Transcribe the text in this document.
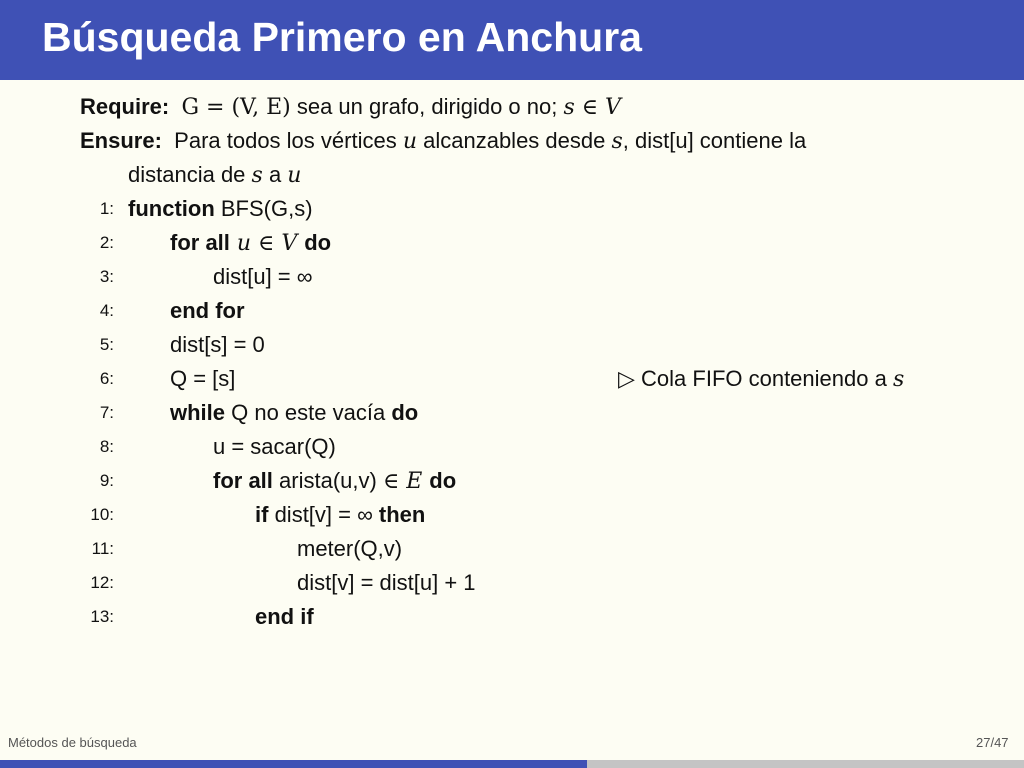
Búsqueda Primero en Anchura
Require: G = (V, E) sea un grafo, dirigido o no; s ∈ V
Ensure: Para todos los vértices u alcanzables desde s, dist[u] contiene la
distancia de s a u
1: function BFS(G,s)
2:	for all u ∈ V do
3:	dist[u] = ∞
4:	end for
5:	dist[s] = 0
6:	Q = [s]	▷ Cola FIFO conteniendo a s
7:	while Q no este vacía do
8:	u = sacar(Q)
9:	for all arista(u,v) ∈ E do
10:	if dist[v] = ∞ then
11:	meter(Q,v)
12:	dist[v] = dist[u] + 1
13:	end if
Métodos de búsqueda	27/47
